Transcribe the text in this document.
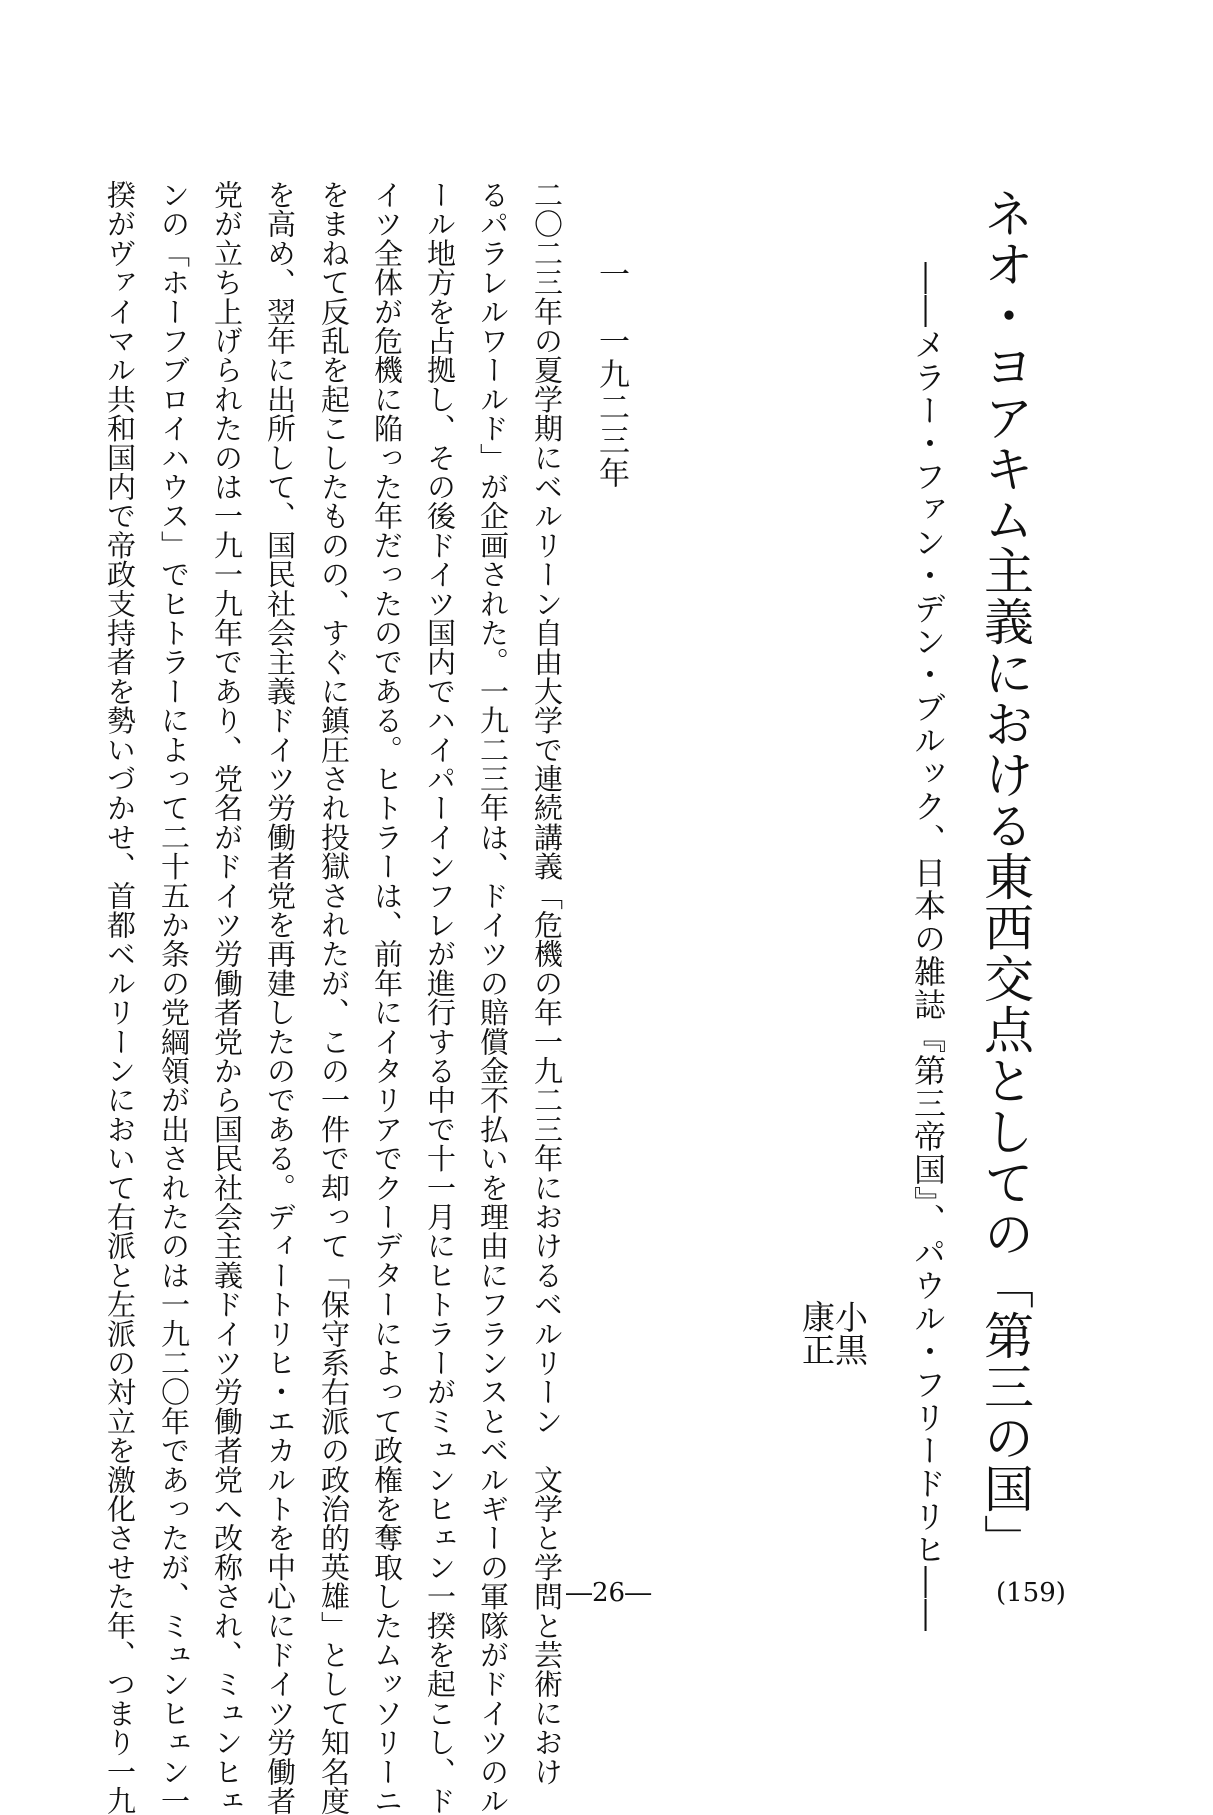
ネオ・ヨアキム主義における東西交点としての「第三の国」
――メラー・ファン・デン・ブルック、日本の雑誌『第三帝国』、パウル・フリードリヒ――
小黒
康正
一一九二三年
二〇二三年の夏学期にベルリーン自由大学で連続講義「危機の年一九二三年におけるベルリーン　文学と学問と芸術におけ
るパラレルワールド」が企画された。一九二三年は、ドイツの賠償金不払いを理由にフランスとベルギーの軍隊がドイツのル
ール地方を占拠し、その後ドイツ国内でハイパーインフレが進行する中で十一月にヒトラーがミュンヒェン一揆を起こし、ド
イツ全体が危機に陥った年だったのである。ヒトラーは、前年にイタリアでクーデターによって政権を奪取したムッソリーニ
をまねて反乱を起こしたものの、すぐに鎮圧され投獄されたが、この一件で却って「保守系右派の政治的英雄」として知名度
を高め、翌年に出所して、国民社会主義ドイツ労働者党を再建したのである。ディートリヒ・エカルトを中心にドイツ労働者
党が立ち上げられたのは一九一九年であり、党名がドイツ労働者党から国民社会主義ドイツ労働者党へ改称され、ミュンヒェ
ンの「ホーフブロイハウス」でヒトラーによって二十五か条の党綱領が出されたのは一九二〇年であったが、ミュンヒェン一
揆がヴァイマル共和国内で帝政支持者を勢いづかせ、首都ベルリーンにおいて右派と左派の対立を激化させた年、つまり一九	―26―	(159)
